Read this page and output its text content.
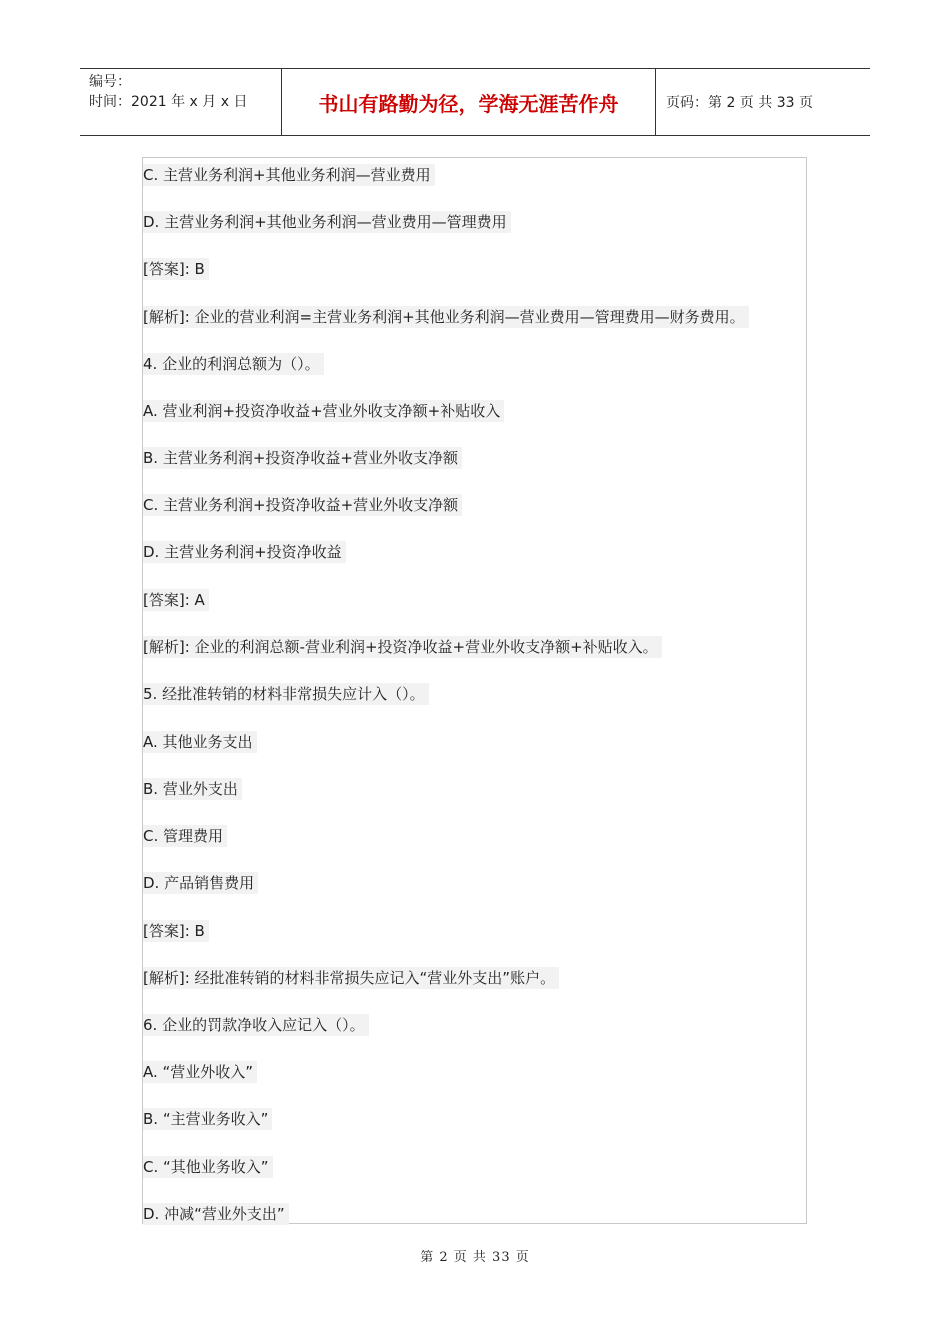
编号：
时间：2021 年 x 月 x 日	书山有路勤为径，学海无涯苦作舟	页码：第 2 页 共 33 页
C. 主营业务利润+其他业务利润—营业费用
D. 主营业务利润+其他业务利润—营业费用—管理费用
[答案]: B
[解析]: 企业的营业利润=主营业务利润+其他业务利润—营业费用—管理费用—财务费用。
4. 企业的利润总额为（）。
A. 营业利润+投资净收益+营业外收支净额+补贴收入
B. 主营业务利润+投资净收益+营业外收支净额
C. 主营业务利润+投资净收益+营业外收支净额
D. 主营业务利润+投资净收益
[答案]: A
[解析]: 企业的利润总额-营业利润+投资净收益+营业外收支净额+补贴收入。
5. 经批准转销的材料非常损失应计入（）。
A. 其他业务支出
B. 营业外支出
C. 管理费用
D. 产品销售费用
[答案]: B
[解析]: 经批准转销的材料非常损失应记入“营业外支出”账户。
6. 企业的罚款净收入应记入（）。
A. “营业外收入”
B. “主营业务收入”
C. “其他业务收入”
D. 冲减“营业外支出”
第 2 页 共 33 页
